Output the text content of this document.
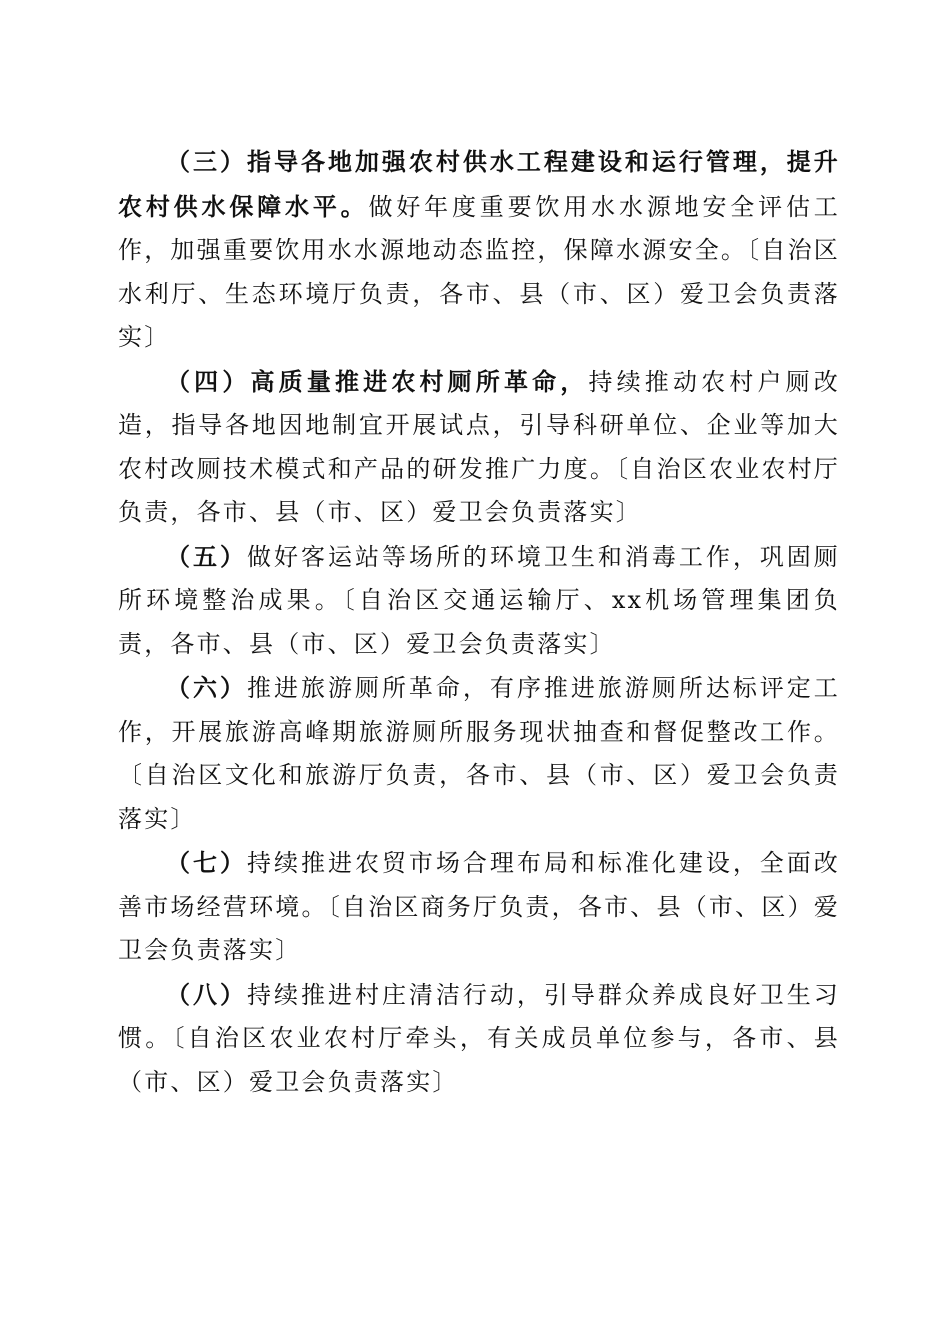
（三）指导各地加强农村供水工程建设和运行管理，提升农村供水保障水平。做好年度重要饮用水水源地安全评估工作，加强重要饮用水水源地动态监控，保障水源安全。〔自治区水利厅、生态环境厅负责，各市、县（市、区）爱卫会负责落实〕

（四）高质量推进农村厕所革命，持续推动农村户厕改造，指导各地因地制宜开展试点，引导科研单位、企业等加大农村改厕技术模式和产品的研发推广力度。〔自治区农业农村厅负责，各市、县（市、区）爱卫会负责落实〕

（五）做好客运站等场所的环境卫生和消毒工作，巩固厕所环境整治成果。〔自治区交通运输厅、xx机场管理集团负责，各市、县（市、区）爱卫会负责落实〕

（六）推进旅游厕所革命，有序推进旅游厕所达标评定工作，开展旅游高峰期旅游厕所服务现状抽查和督促整改工作。〔自治区文化和旅游厅负责，各市、县（市、区）爱卫会负责落实〕

（七）持续推进农贸市场合理布局和标准化建设，全面改善市场经营环境。〔自治区商务厅负责，各市、县（市、区）爱卫会负责落实〕

（八）持续推进村庄清洁行动，引导群众养成良好卫生习惯。〔自治区农业农村厅牵头，有关成员单位参与，各市、县（市、区）爱卫会负责落实〕
